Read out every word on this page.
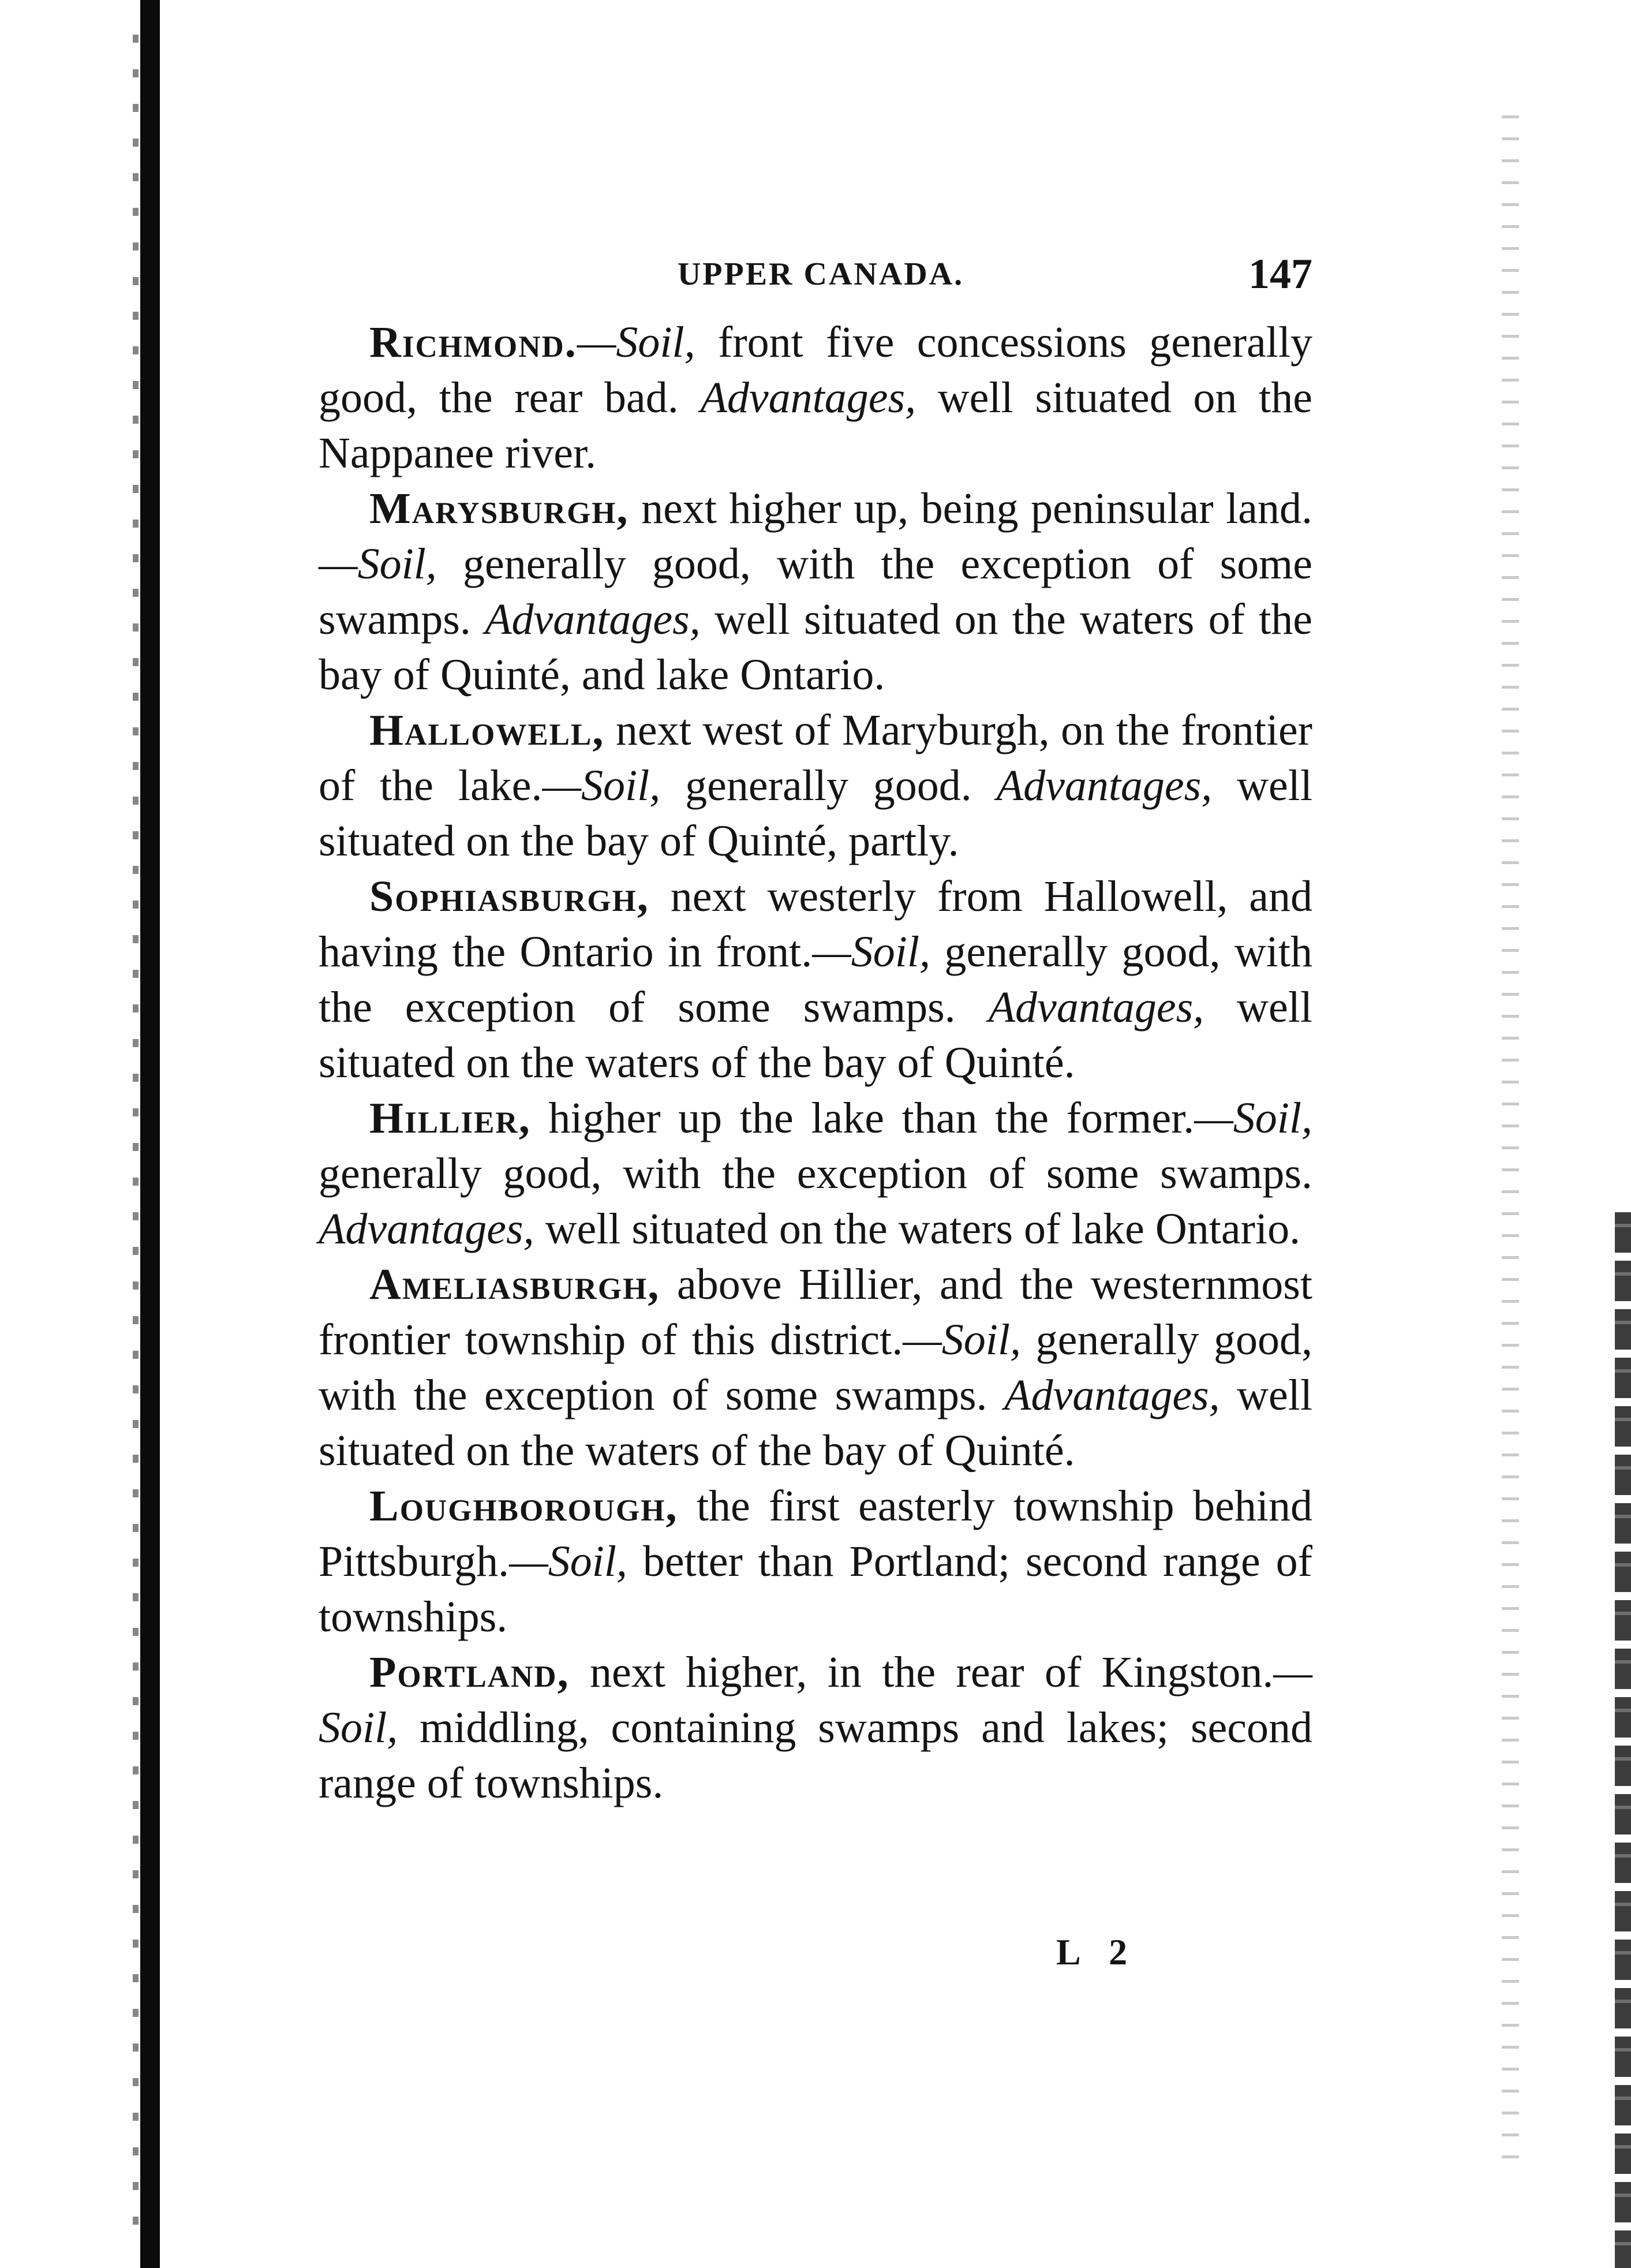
UPPER CANADA.	147

Richmond.—Soil, front five concessions generally good, the rear bad. Advantages, well situated on the Nappanee river.

Marysburgh, next higher up, being peninsular land.—Soil, generally good, with the exception of some swamps. Advantages, well situated on the waters of the bay of Quinté, and lake Ontario.

Hallowell, next west of Maryburgh, on the frontier of the lake.—Soil, generally good. Advantages, well situated on the bay of Quinté, partly.

Sophiasburgh, next westerly from Hallowell, and having the Ontario in front.—Soil, generally good, with the exception of some swamps. Advantages, well situated on the waters of the bay of Quinté.

Hillier, higher up the lake than the former.—Soil, generally good, with the exception of some swamps. Advantages, well situated on the waters of lake Ontario.

Ameliasburgh, above Hillier, and the westernmost frontier township of this district.—Soil, generally good, with the exception of some swamps. Advantages, well situated on the waters of the bay of Quinté.

Loughborough, the first easterly township behind Pittsburgh.—Soil, better than Portland; second range of townships.

Portland, next higher, in the rear of Kingston.—Soil, middling, containing swamps and lakes; second range of townships.

L 2
